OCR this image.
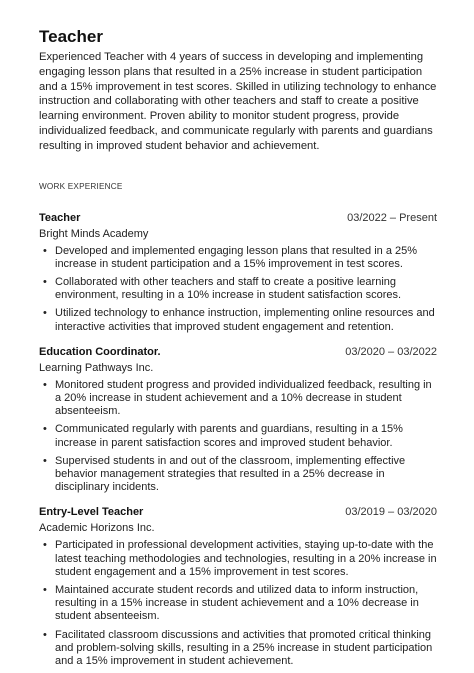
Teacher
Experienced Teacher with 4 years of success in developing and implementing engaging lesson plans that resulted in a 25% increase in student participation and a 15% improvement in test scores. Skilled in utilizing technology to enhance instruction and collaborating with other teachers and staff to create a positive learning environment. Proven ability to monitor student progress, provide individualized feedback, and communicate regularly with parents and guardians resulting in improved student behavior and achievement.
WORK EXPERIENCE
Teacher	03/2022 – Present
Bright Minds Academy
• Developed and implemented engaging lesson plans that resulted in a 25% increase in student participation and a 15% improvement in test scores.
• Collaborated with other teachers and staff to create a positive learning environment, resulting in a 10% increase in student satisfaction scores.
• Utilized technology to enhance instruction, implementing online resources and interactive activities that improved student engagement and retention.
Education Coordinator.	03/2020 – 03/2022
Learning Pathways Inc.
• Monitored student progress and provided individualized feedback, resulting in a 20% increase in student achievement and a 10% decrease in student absenteeism.
• Communicated regularly with parents and guardians, resulting in a 15% increase in parent satisfaction scores and improved student behavior.
• Supervised students in and out of the classroom, implementing effective behavior management strategies that resulted in a 25% decrease in disciplinary incidents.
Entry-Level Teacher	03/2019 – 03/2020
Academic Horizons Inc.
• Participated in professional development activities, staying up-to-date with the latest teaching methodologies and technologies, resulting in a 20% increase in student engagement and a 15% improvement in test scores.
• Maintained accurate student records and utilized data to inform instruction, resulting in a 15% increase in student achievement and a 10% decrease in student absenteeism.
• Facilitated classroom discussions and activities that promoted critical thinking and problem-solving skills, resulting in a 25% increase in student participation and a 15% improvement in student achievement.
